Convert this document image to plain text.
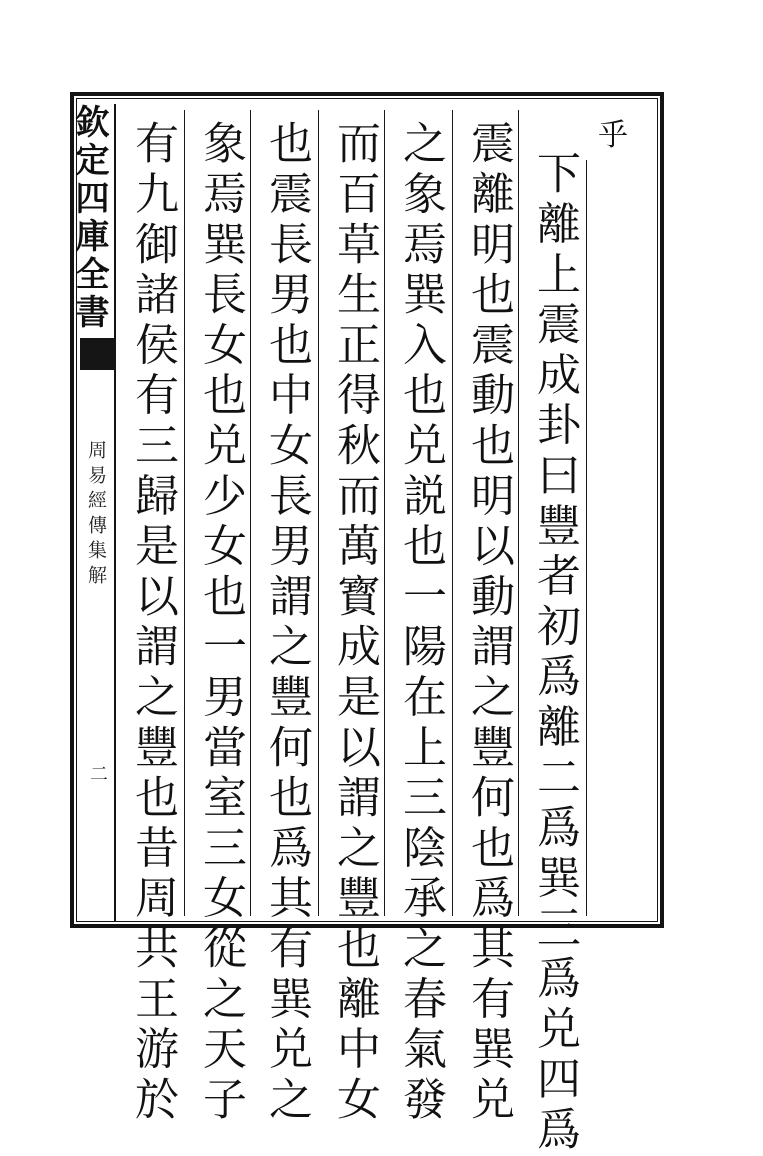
欽定四庫全書
周易經傳集解
二
乎
下離上震成卦曰豐者初爲離二爲巽三爲兑四爲
震離明也震動也明以動謂之豐何也爲其有巽兑
之象焉巽入也兑説也一陽在上三陰承之春氣發
而百草生正得秋而萬寳成是以謂之豐也離中女
也震長男也中女長男謂之豐何也爲其有巽兑之
象焉巽長女也兑少女也一男當室三女從之天子
有九御諸侯有三歸是以謂之豐也昔周共王游於
